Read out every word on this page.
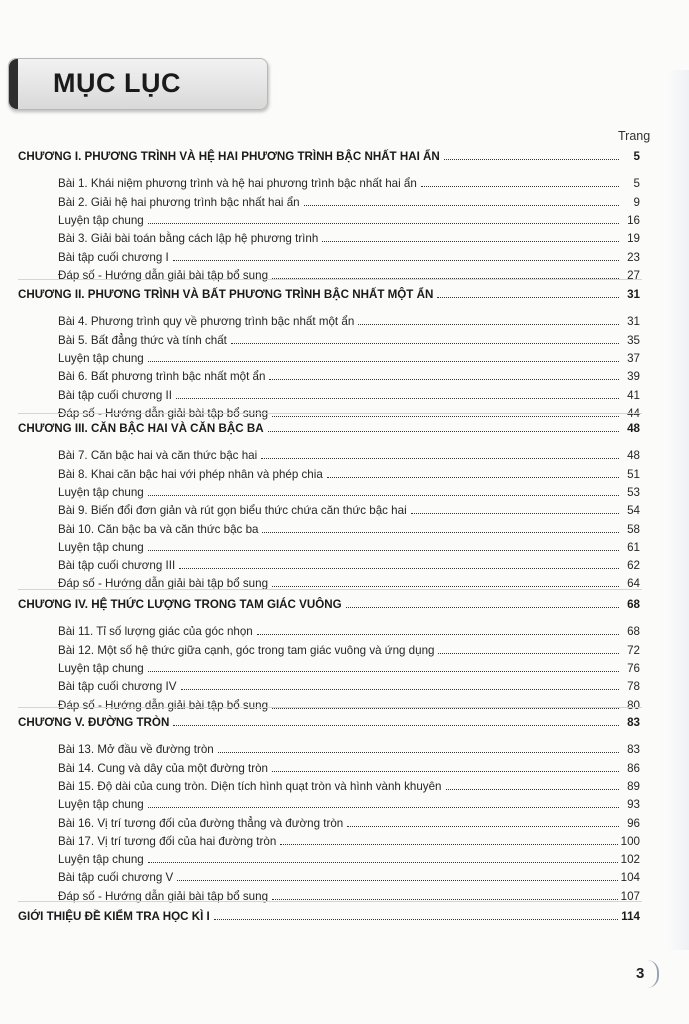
MỤC LỤC
Trang
CHƯƠNG I. PHƯƠNG TRÌNH VÀ HỆ HAI PHƯƠNG TRÌNH BẬC NHẤT HAI ẨN	5
Bài 1. Khái niệm phương trình và hệ hai phương trình bậc nhất hai ẩn	5
Bài 2. Giải hệ hai phương trình bậc nhất hai ẩn	9
Luyện tập chung	16
Bài 3. Giải bài toán bằng cách lập hệ phương trình	19
Bài tập cuối chương I	23
Đáp số - Hướng dẫn giải bài tập bổ sung	27
CHƯƠNG II. PHƯƠNG TRÌNH VÀ BẤT PHƯƠNG TRÌNH BẬC NHẤT MỘT ẨN	31
Bài 4. Phương trình quy về phương trình bậc nhất một ẩn	31
Bài 5. Bất đẳng thức và tính chất	35
Luyện tập chung	37
Bài 6. Bất phương trình bậc nhất một ẩn	39
Bài tập cuối chương II	41
Đáp số - Hướng dẫn giải bài tập bổ sung	44
CHƯƠNG III. CĂN BẬC HAI VÀ CĂN BẬC BA	48
Bài 7. Căn bậc hai và căn thức bậc hai	48
Bài 8. Khai căn bậc hai với phép nhân và phép chia	51
Luyện tập chung	53
Bài 9. Biến đổi đơn giản và rút gọn biểu thức chứa căn thức bậc hai	54
Bài 10. Căn bậc ba và căn thức bậc ba	58
Luyện tập chung	61
Bài tập cuối chương III	62
Đáp số - Hướng dẫn giải bài tập bổ sung	64
CHƯƠNG IV. HỆ THỨC LƯỢNG TRONG TAM GIÁC VUÔNG	68
Bài 11. Tỉ số lượng giác của góc nhọn	68
Bài 12. Một số hệ thức giữa cạnh, góc trong tam giác vuông và ứng dụng	72
Luyện tập chung	76
Bài tập cuối chương IV	78
Đáp số - Hướng dẫn giải bài tập bổ sung	80
CHƯƠNG V. ĐƯỜNG TRÒN	83
Bài 13. Mở đầu về đường tròn	83
Bài 14. Cung và dây của một đường tròn	86
Bài 15. Độ dài của cung tròn. Diện tích hình quạt tròn và hình vành khuyên	89
Luyện tập chung	93
Bài 16. Vị trí tương đối của đường thẳng và đường tròn	96
Bài 17. Vị trí tương đối của hai đường tròn	100
Luyện tập chung	102
Bài tập cuối chương V	104
Đáp số - Hướng dẫn giải bài tập bổ sung	107
GIỚI THIỆU ĐỀ KIỂM TRA HỌC KÌ I	114
3
